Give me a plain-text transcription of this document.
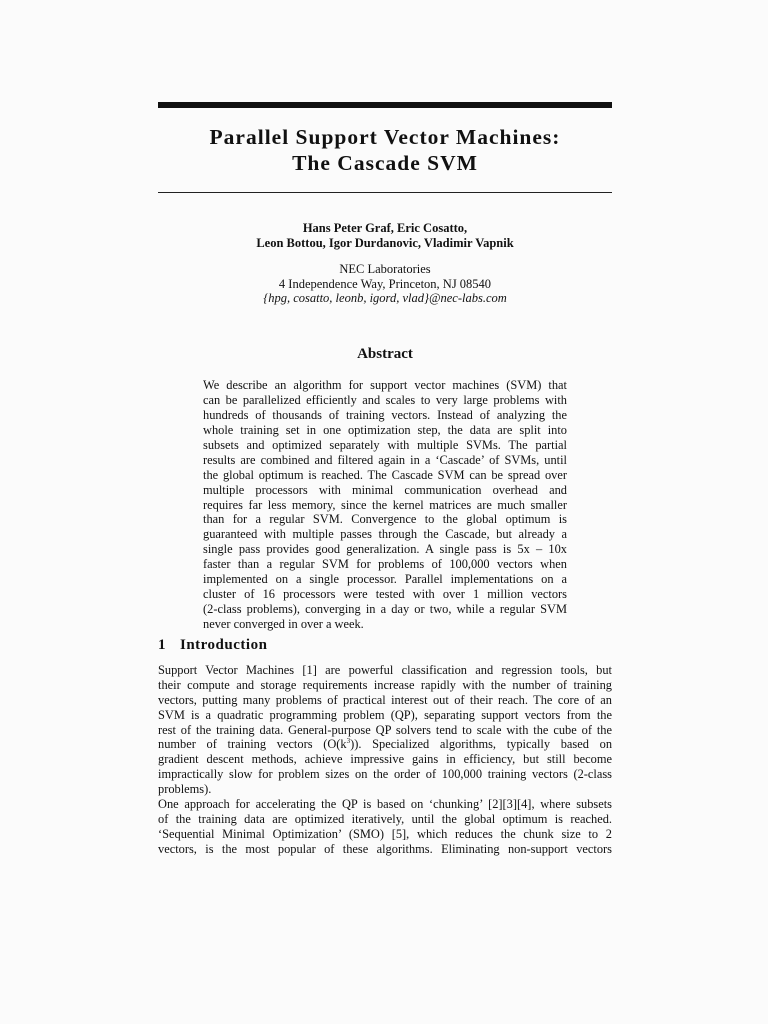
Parallel Support Vector Machines:
The Cascade SVM
Hans Peter Graf, Eric Cosatto,
Leon Bottou, Igor Durdanovic, Vladimir Vapnik
NEC Laboratories
4 Independence Way, Princeton, NJ 08540
{hpg, cosatto, leonb, igord, vlad}@nec-labs.com
Abstract
We describe an algorithm for support vector machines (SVM) that
can be parallelized efficiently and scales to very large problems with
hundreds of thousands of training vectors. Instead of analyzing the
whole training set in one optimization step, the data are split into
subsets and optimized separately with multiple SVMs. The partial
results are combined and filtered again in a ‘Cascade’ of SVMs, until
the global optimum is reached. The Cascade SVM can be spread over
multiple processors with minimal communication overhead and
requires far less memory, since the kernel matrices are much smaller
than for a regular SVM. Convergence to the global optimum is
guaranteed with multiple passes through the Cascade, but already a
single pass provides good generalization. A single pass is 5x – 10x
faster than a regular SVM for problems of 100,000 vectors when
implemented on a single processor. Parallel implementations on a
cluster of 16 processors were tested with over 1 million vectors
(2-class problems), converging in a day or two, while a regular SVM
never converged in over a week.
1 Introduction
Support Vector Machines [1] are powerful classification and regression tools, but
their compute and storage requirements increase rapidly with the number of training
vectors, putting many problems of practical interest out of their reach. The core of an
SVM is a quadratic programming problem (QP), separating support vectors from the
rest of the training data. General-purpose QP solvers tend to scale with the cube of the
number of training vectors $(O(k^3))$. Specialized algorithms, typically based on
gradient descent methods, achieve impressive gains in efficiency, but still become
impractically slow for problem sizes on the order of 100,000 training vectors (2-class
problems).
One approach for accelerating the QP is based on ‘chunking’ [2][3][4], where subsets
of the training data are optimized iteratively, until the global optimum is reached.
‘Sequential Minimal Optimization’ (SMO) [5], which reduces the chunk size to 2
vectors, is the most popular of these algorithms. Eliminating non-support vectors
